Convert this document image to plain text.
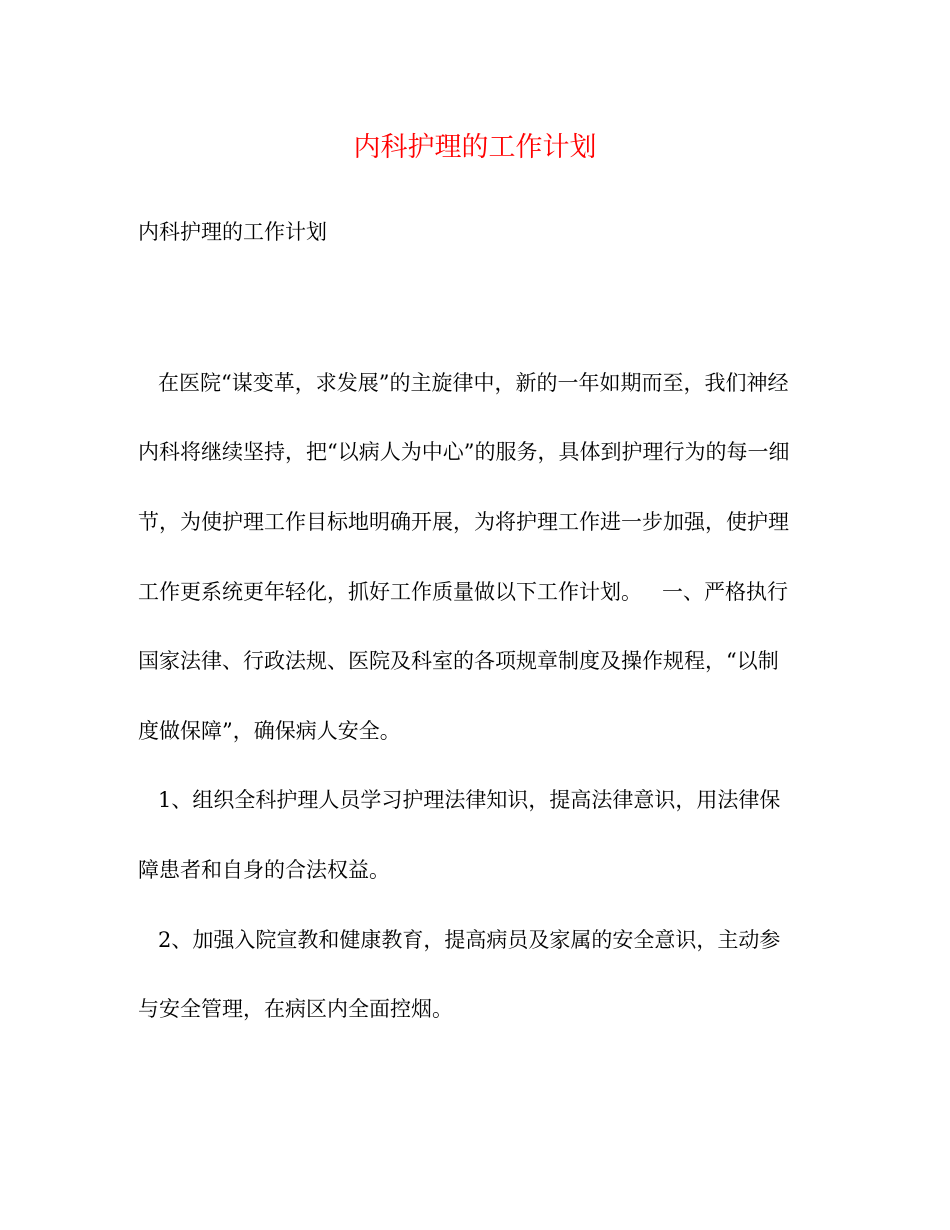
内科护理的工作计划

内科护理的工作计划

在医院“谋变革，求发展”的主旋律中，新的一年如期而至，我们神经

内科将继续坚持，把“以病人为中心”的服务，具体到护理行为的每一细

节，为使护理工作目标地明确开展，为将护理工作进一步加强，使护理

工作更系统更年轻化，抓好工作质量做以下工作计划。   一、严格执行

国家法律、行政法规、医院及科室的各项规章制度及操作规程，“以制

度做保障”，确保病人安全。

1、组织全科护理人员学习护理法律知识，提高法律意识，用法律保

障患者和自身的合法权益。

2、加强入院宣教和健康教育，提高病员及家属的安全意识，主动参

与安全管理，在病区内全面控烟。
